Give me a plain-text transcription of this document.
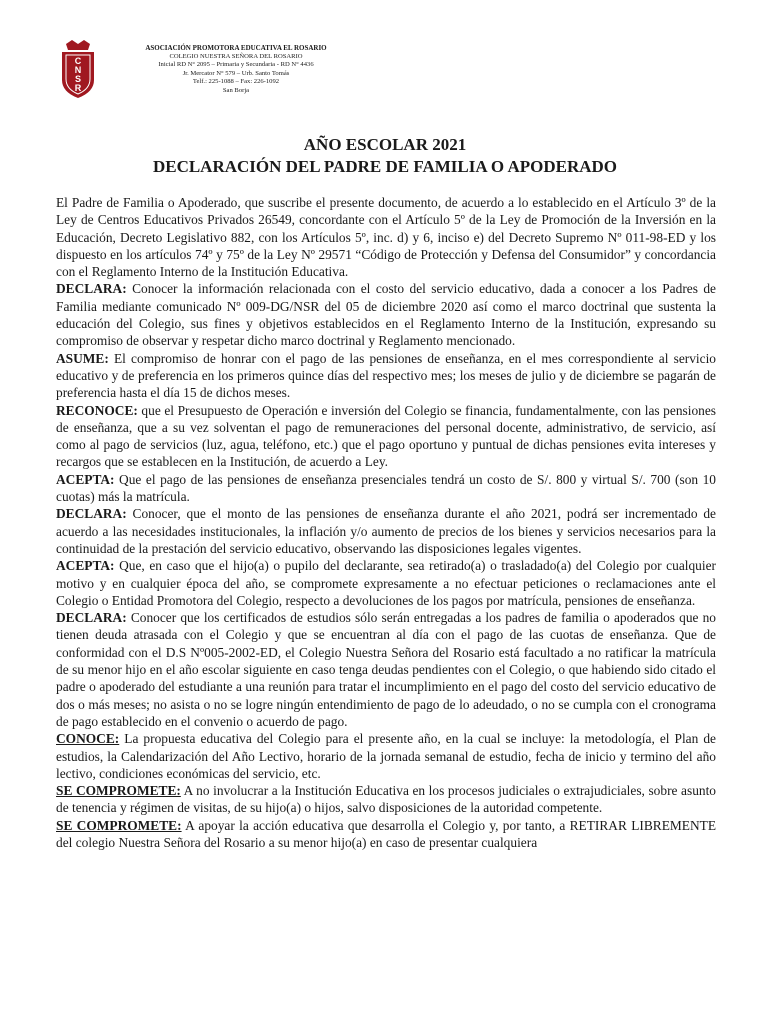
C
N
S
R
ASOCIACIÓN PROMOTORA EDUCATIVA EL ROSARIO
COLEGIO NUESTRA SEÑORA DEL ROSARIO
Inicial RD N° 2095 – Primaria y Secundaria - RD N° 4436
Jr. Mercator N° 579 – Urb. Santo Tomás
Telf.: 225-1088 – Fax: 226-1092
San Borja
AÑO ESCOLAR 2021
DECLARACIÓN DEL PADRE DE FAMILIA O APODERADO

El Padre de Familia o Apoderado, que suscribe el presente documento, de acuerdo a lo establecido en el Artículo 3º de la Ley de Centros Educativos Privados 26549, concordante con el Artículo 5º de la Ley de Promoción de la Inversión en la Educación, Decreto Legislativo 882, con los Artículos 5º, inc. d) y 6, inciso e) del Decreto Supremo Nº 011-98-ED y los dispuesto en los artículos 74º y 75º de la Ley Nº 29571 “Código de Protección y Defensa del Consumidor” y concordancia con el Reglamento Interno de la Institución Educativa.

DECLARA: Conocer la información relacionada con el costo del servicio educativo, dada a conocer a los Padres de Familia mediante comunicado Nº 009-DG/NSR del 05 de diciembre 2020 así como el marco doctrinal que sustenta la educación del Colegio, sus fines y objetivos establecidos en el Reglamento Interno de la Institución, expresando su compromiso de observar y respetar dicho marco doctrinal y Reglamento mencionado.

ASUME: El compromiso de honrar con el pago de las pensiones de enseñanza, en el mes correspondiente al servicio educativo y de preferencia en los primeros quince días del respectivo mes; los meses de julio y de diciembre se pagarán de preferencia hasta el día 15 de dichos meses.

RECONOCE: que el Presupuesto de Operación e inversión del Colegio se financia, fundamentalmente, con las pensiones de enseñanza, que a su vez solventan el pago de remuneraciones del personal docente, administrativo, de servicio, así como al pago de servicios (luz, agua, teléfono, etc.) que el pago oportuno y puntual de dichas pensiones evita intereses y recargos que se establecen en la Institución, de acuerdo a Ley.

ACEPTA: Que el pago de las pensiones de enseñanza presenciales tendrá un costo de S/. 800 y virtual S/. 700 (son 10 cuotas) más la matrícula.

DECLARA: Conocer, que el monto de las pensiones de enseñanza durante el año 2021, podrá ser incrementado de acuerdo a las necesidades institucionales, la inflación y/o aumento de precios de los bienes y servicios necesarios para la continuidad de la prestación del servicio educativo, observando las disposiciones legales vigentes.

ACEPTA: Que, en caso que el hijo(a) o pupilo del declarante, sea retirado(a) o trasladado(a) del Colegio por cualquier motivo y en cualquier época del año, se compromete expresamente a no efectuar peticiones o reclamaciones ante el Colegio o Entidad Promotora del Colegio, respecto a devoluciones de los pagos por matrícula, pensiones de enseñanza.

DECLARA: Conocer que los certificados de estudios sólo serán entregadas a los padres de familia o apoderados que no tienen deuda atrasada con el Colegio y que se encuentran al día con el pago de las cuotas de enseñanza. Que de conformidad con el D.S Nº005-2002-ED, el Colegio Nuestra Señora del Rosario está facultado a no ratificar la matrícula de su menor hijo en el año escolar siguiente en caso tenga deudas pendientes con el Colegio, o que habiendo sido citado el padre o apoderado del estudiante a una reunión para tratar el incumplimiento en el pago del costo del servicio educativo de dos o más meses; no asista o no se logre ningún entendimiento de pago de lo adeudado, o no se cumpla con el cronograma de pago establecido en el convenio o acuerdo de pago.

CONOCE: La propuesta educativa del Colegio para el presente año, en la cual se incluye: la metodología, el Plan de estudios, la Calendarización del Año Lectivo, horario de la jornada semanal de estudio, fecha de inicio y termino del año lectivo, condiciones económicas del servicio, etc.

SE COMPROMETE: A no involucrar a la Institución Educativa en los procesos judiciales o extrajudiciales, sobre asunto de tenencia y régimen de visitas, de su hijo(a) o hijos, salvo disposiciones de la autoridad competente.

SE COMPROMETE: A apoyar la acción educativa que desarrolla el Colegio y, por tanto, a RETIRAR LIBREMENTE del colegio Nuestra Señora del Rosario a su menor hijo(a) en caso de presentar cualquiera
